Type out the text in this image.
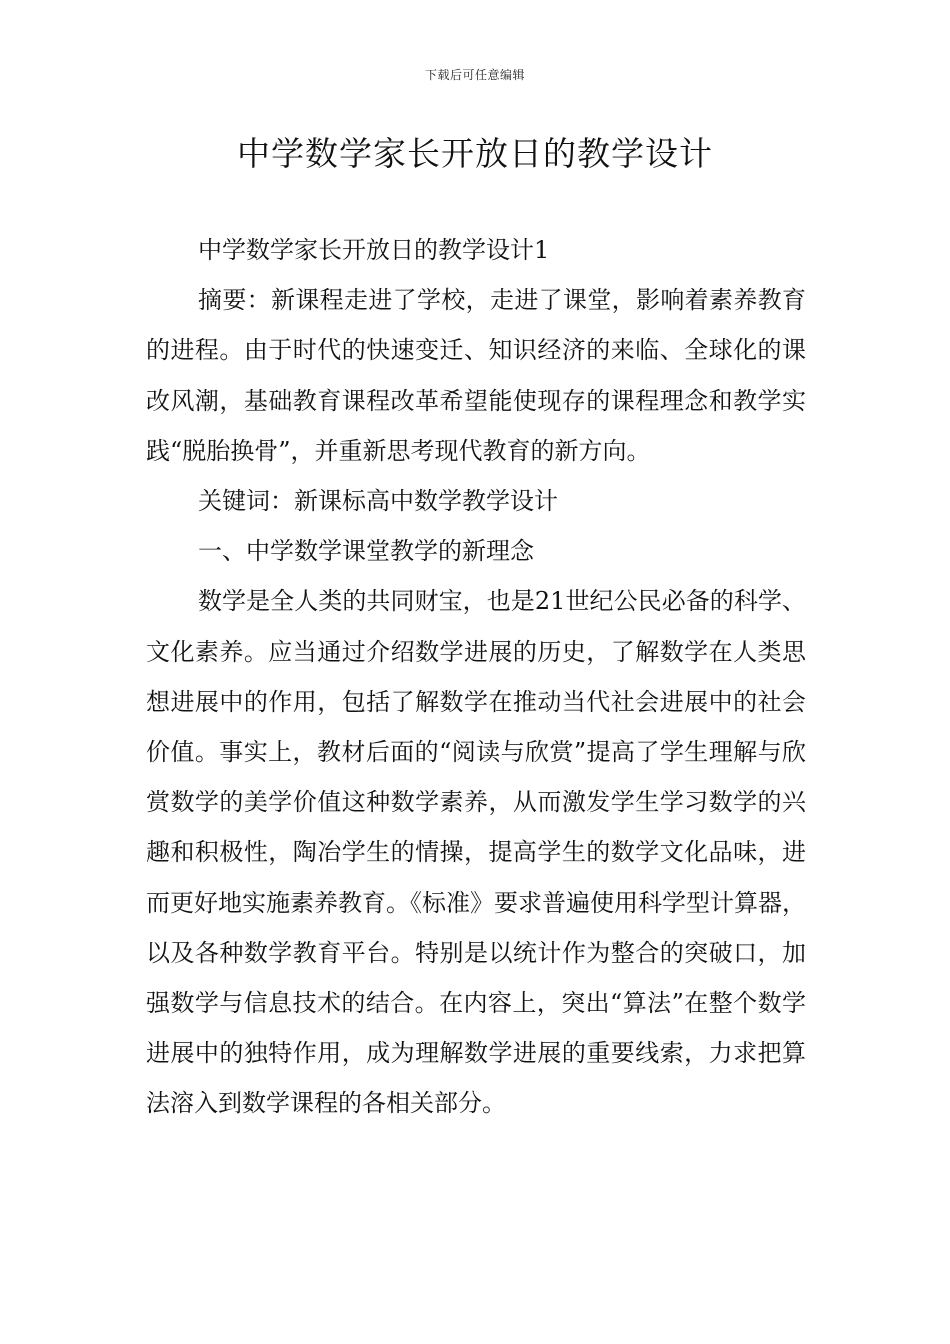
下载后可任意编辑
中学数学家长开放日的教学设计

中学数学家长开放日的教学设计1

摘要：新课程走进了学校，走进了课堂，影响着素养教育的进程。由于时代的快速变迁、知识经济的来临、全球化的课改风潮，基础教育课程改革希望能使现存的课程理念和教学实践“脱胎换骨”，并重新思考现代教育的新方向。

关键词：新课标高中数学教学设计

一、中学数学课堂教学的新理念

数学是全人类的共同财宝，也是21世纪公民必备的科学、文化素养。应当通过介绍数学进展的历史，了解数学在人类思想进展中的作用，包括了解数学在推动当代社会进展中的社会价值。事实上，教材后面的“阅读与欣赏”提高了学生理解与欣赏数学的美学价值这种数学素养，从而激发学生学习数学的兴趣和积极性，陶冶学生的情操，提高学生的数学文化品味，进而更好地实施素养教育。《标准》要求普遍使用科学型计算器，以及各种数学教育平台。特别是以统计作为整合的突破口，加强数学与信息技术的结合。在内容上，突出“算法”在整个数学进展中的独特作用，成为理解数学进展的重要线索，力求把算法溶入到数学课程的各相关部分。
